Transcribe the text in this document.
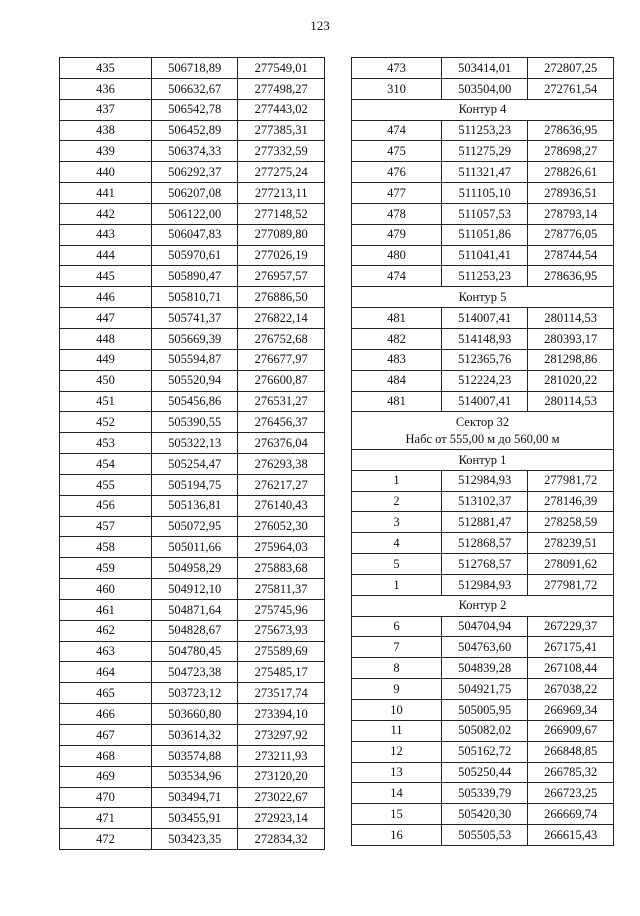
123
435	506718,89	277549,01
436	506632,67	277498,27
437	506542,78	277443,02
438	506452,89	277385,31
439	506374,33	277332,59
440	506292,37	277275,24
441	506207,08	277213,11
442	506122,00	277148,52
443	506047,83	277089,80
444	505970,61	277026,19
445	505890,47	276957,57
446	505810,71	276886,50
447	505741,37	276822,14
448	505669,39	276752,68
449	505594,87	276677,97
450	505520,94	276600,87
451	505456,86	276531,27
452	505390,55	276456,37
453	505322,13	276376,04
454	505254,47	276293,38
455	505194,75	276217,27
456	505136,81	276140,43
457	505072,95	276052,30
458	505011,66	275964,03
459	504958,29	275883,68
460	504912,10	275811,37
461	504871,64	275745,96
462	504828,67	275673,93
463	504780,45	275589,69
464	504723,38	275485,17
465	503723,12	273517,74
466	503660,80	273394,10
467	503614,32	273297,92
468	503574,88	273211,93
469	503534,96	273120,20
470	503494,71	273022,67
471	503455,91	272923,14
472	503423,35	272834,32
473	503414,01	272807,25
310	503504,00	272761,54
Контур 4		
474	511253,23	278636,95
475	511275,29	278698,27
476	511321,47	278826,61
477	511105,10	278936,51
478	511057,53	278793,14
479	511051,86	278776,05
480	511041,41	278744,54
474	511253,23	278636,95
Контур 5		
481	514007,41	280114,53
482	514148,93	280393,17
483	512365,76	281298,86
484	512224,23	281020,22
481	514007,41	280114,53

Сектор 32
Набс от 555,00 м до 560,00 м		

Контур 1		
1	512984,93	277981,72
2	513102,37	278146,39
3	512881,47	278258,59
4	512868,57	278239,51
5	512768,57	278091,62
1	512984,93	277981,72
Контур 2		
6	504704,94	267229,37
7	504763,60	267175,41
8	504839,28	267108,44
9	504921,75	267038,22
10	505005,95	266969,34
11	505082,02	266909,67
12	505162,72	266848,85
13	505250,44	266785,32
14	505339,79	266723,25
15	505420,30	266669,74
16	505505,53	266615,43
